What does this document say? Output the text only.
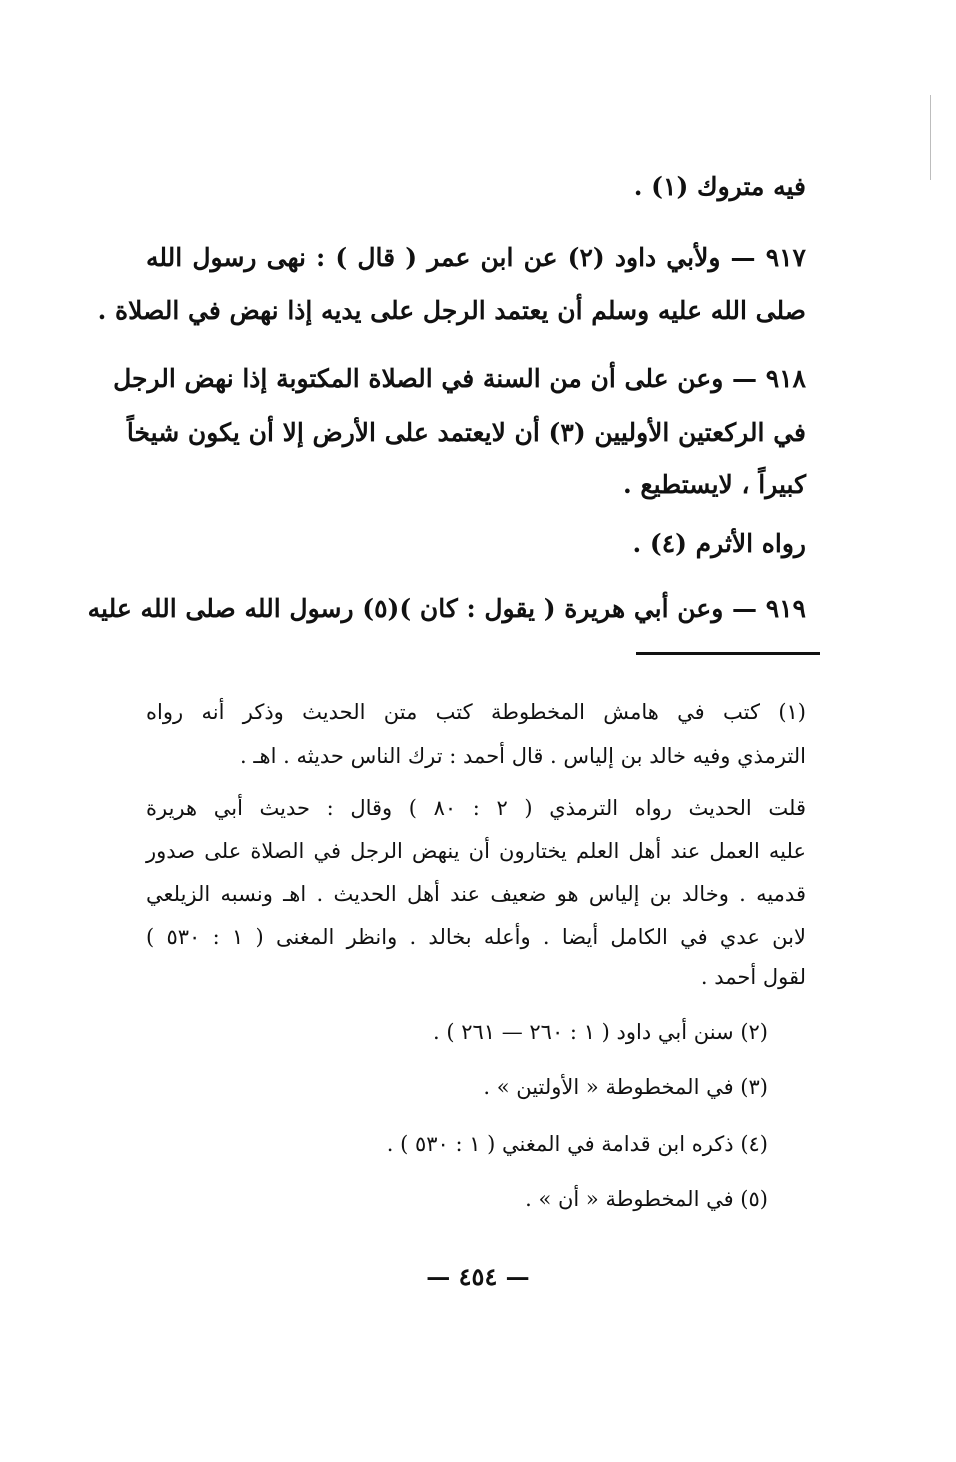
فيه متروك (١) .
٩١٧ — ولأبي داود (٢) عن ابن عمر ( قال ) : نهى رسول الله
صلى الله عليه وسلم أن يعتمد الرجل على يديه إذا نهض في الصلاة .
٩١٨ — وعن على أن من السنة في الصلاة المكتوبة إذا نهض الرجل
في الركعتين الأوليين (٣) أن لايعتمد على الأرض إلا أن يكون شيخاً
كبيراً ، لايستطيع .
رواه الأثرم (٤) .
٩١٩ — وعن أبي هريرة ( يقول : كان )(٥) رسول الله صلى الله عليه
(١) كتب في هامش المخطوطة كتب متن الحديث وذكر أنه رواه
الترمذي وفيه خالد بن إلياس . قال أحمد : ترك الناس حديثه . اهـ .
قلت الحديث رواه الترمذي ( ٢ : ٨٠ ) وقال : حديث أبي هريرة
عليه العمل عند أهل العلم يختارون أن ينهض الرجل في الصلاة على صدور
قدميه . وخالد بن إلياس هو ضعيف عند أهل الحديث . اهـ ونسبه الزيلعي
لابن عدي في الكامل أيضا . وأعله بخالد . وانظر المغنى ( ١ : ٥٣٠ )
لقول أحمد .
(٢) سنن أبي داود ( ١ : ٢٦٠ — ٢٦١ ) .
(٣) في المخطوطة « الأولتين » .
(٤) ذكره ابن قدامة في المغني ( ١ : ٥٣٠ ) .
(٥) في المخطوطة « أن » .
— ٤٥٤ —
